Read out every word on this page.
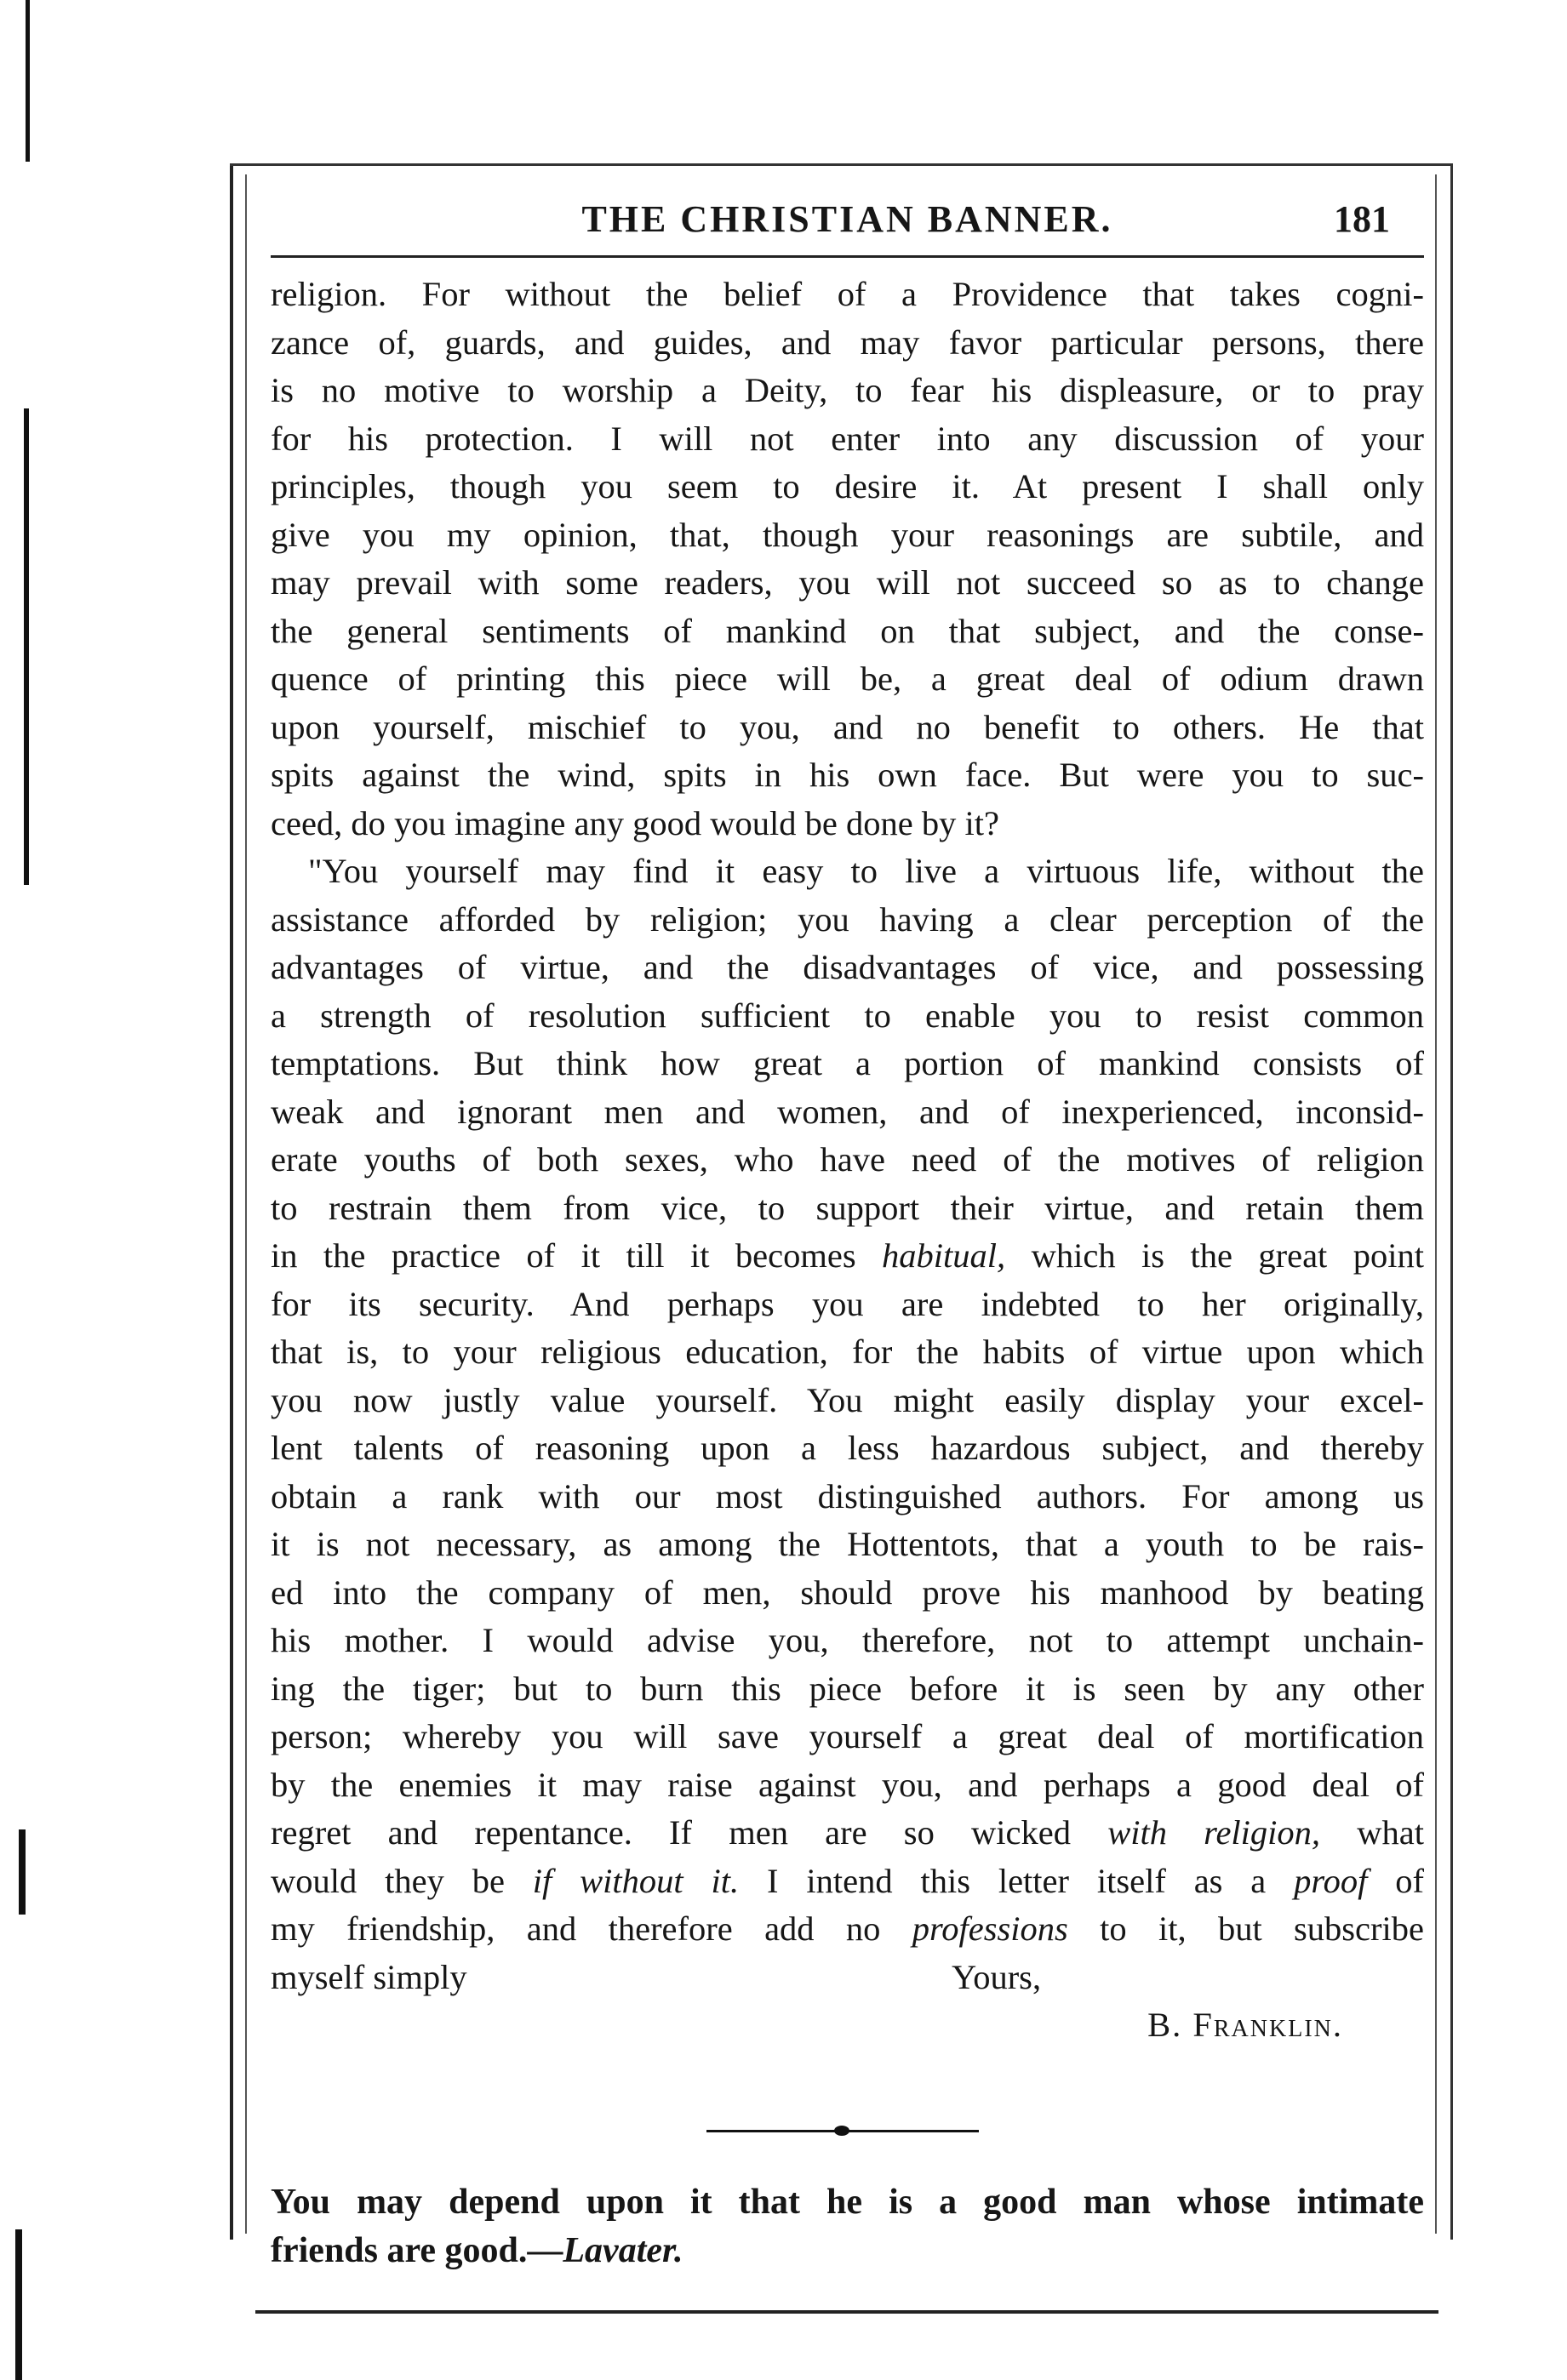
THE CHRISTIAN BANNER.	181
religion. For without the belief of a Providence that takes cogni-
zance of, guards, and guides, and may favor particular persons, there
is no motive to worship a Deity, to fear his displeasure, or to pray
for his protection. I will not enter into any discussion of your
principles, though you seem to desire it. At present I shall only
give you my opinion, that, though your reasonings are subtile, and
may prevail with some readers, you will not succeed so as to change
the general sentiments of mankind on that subject, and the conse-
quence of printing this piece will be, a great deal of odium drawn
upon yourself, mischief to you, and no benefit to others. He that
spits against the wind, spits in his own face. But were you to suc-
ceed, do you imagine any good would be done by it?
"You yourself may find it easy to live a virtuous life, without the
assistance afforded by religion; you having a clear perception of the
advantages of virtue, and the disadvantages of vice, and possessing
a strength of resolution sufficient to enable you to resist common
temptations. But think how great a portion of mankind consists of
weak and ignorant men and women, and of inexperienced, inconsid-
erate youths of both sexes, who have need of the motives of religion
to restrain them from vice, to support their virtue, and retain them
in the practice of it till it becomes habitual, which is the great point
for its security. And perhaps you are indebted to her originally,
that is, to your religious education, for the habits of virtue upon which
you now justly value yourself. You might easily display your excel-
lent talents of reasoning upon a less hazardous subject, and thereby
obtain a rank with our most distinguished authors. For among us
it is not necessary, as among the Hottentots, that a youth to be rais-
ed into the company of men, should prove his manhood by beating
his mother. I would advise you, therefore, not to attempt unchain-
ing the tiger; but to burn this piece before it is seen by any other
person; whereby you will save yourself a great deal of mortification
by the enemies it may raise against you, and perhaps a good deal of
regret and repentance. If men are so wicked with religion, what
would they be if without it. I intend this letter itself as a proof of
my friendship, and therefore add no professions to it, but subscribe
myself simply	Yours,
B. Franklin.
You may depend upon it that he is a good man whose intimate
friends are good.—Lavater.
